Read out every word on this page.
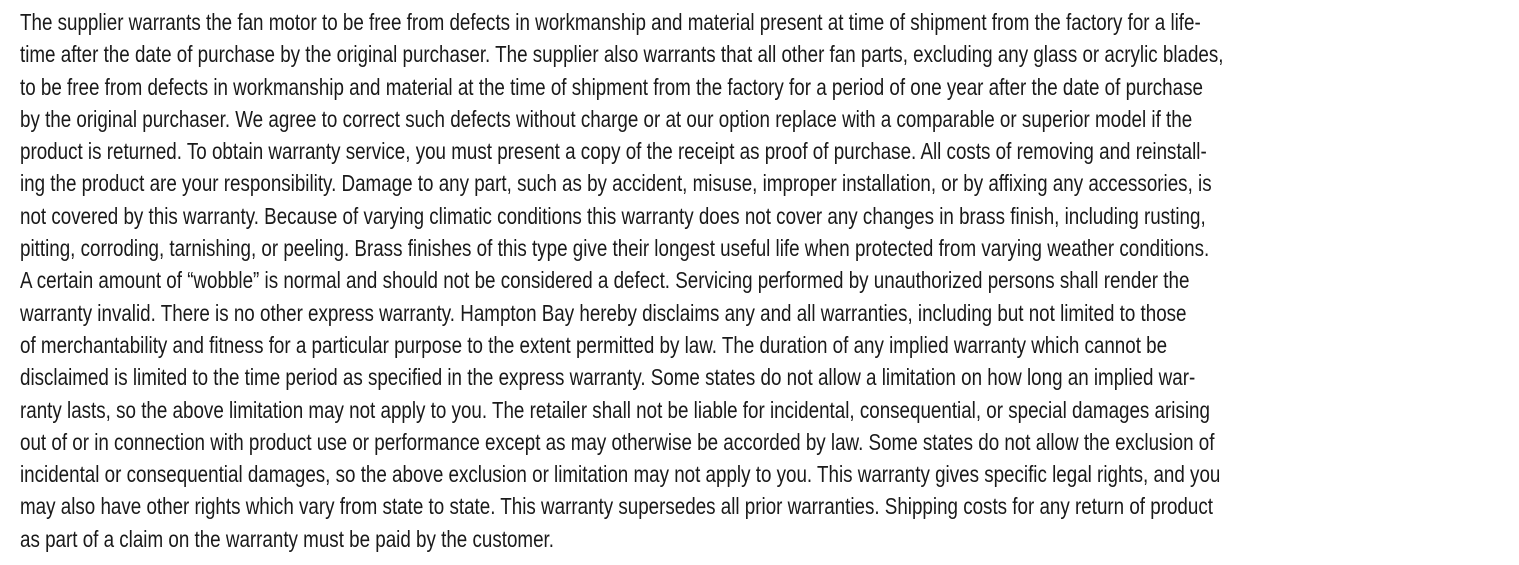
The supplier warrants the fan motor to be free from defects in workmanship and material present at time of shipment from the factory for a life-
time after the date of purchase by the original purchaser. The supplier also warrants that all other fan parts, excluding any glass or acrylic blades,
to be free from defects in workmanship and material at the time of shipment from the factory for a period of one year after the date of purchase
by the original purchaser. We agree to correct such defects without charge or at our option replace with a comparable or superior model if the
product is returned. To obtain warranty service, you must present a copy of the receipt as proof of purchase. All costs of removing and reinstall-
ing the product are your responsibility. Damage to any part, such as by accident, misuse, improper installation, or by affixing any accessories, is
not covered by this warranty. Because of varying climatic conditions this warranty does not cover any changes in brass finish, including rusting,
pitting, corroding, tarnishing, or peeling. Brass finishes of this type give their longest useful life when protected from varying weather conditions.
A certain amount of “wobble” is normal and should not be considered a defect. Servicing performed by unauthorized persons shall render the
warranty invalid. There is no other express warranty. Hampton Bay hereby disclaims any and all warranties, including but not limited to those
of merchantability and fitness for a particular purpose to the extent permitted by law. The duration of any implied warranty which cannot be
disclaimed is limited to the time period as specified in the express warranty. Some states do not allow a limitation on how long an implied war-
ranty lasts, so the above limitation may not apply to you. The retailer shall not be liable for incidental, consequential, or special damages arising
out of or in connection with product use or performance except as may otherwise be accorded by law. Some states do not allow the exclusion of
incidental or consequential damages, so the above exclusion or limitation may not apply to you. This warranty gives specific legal rights, and you
may also have other rights which vary from state to state. This warranty supersedes all prior warranties. Shipping costs for any return of product
as part of a claim on the warranty must be paid by the customer.
